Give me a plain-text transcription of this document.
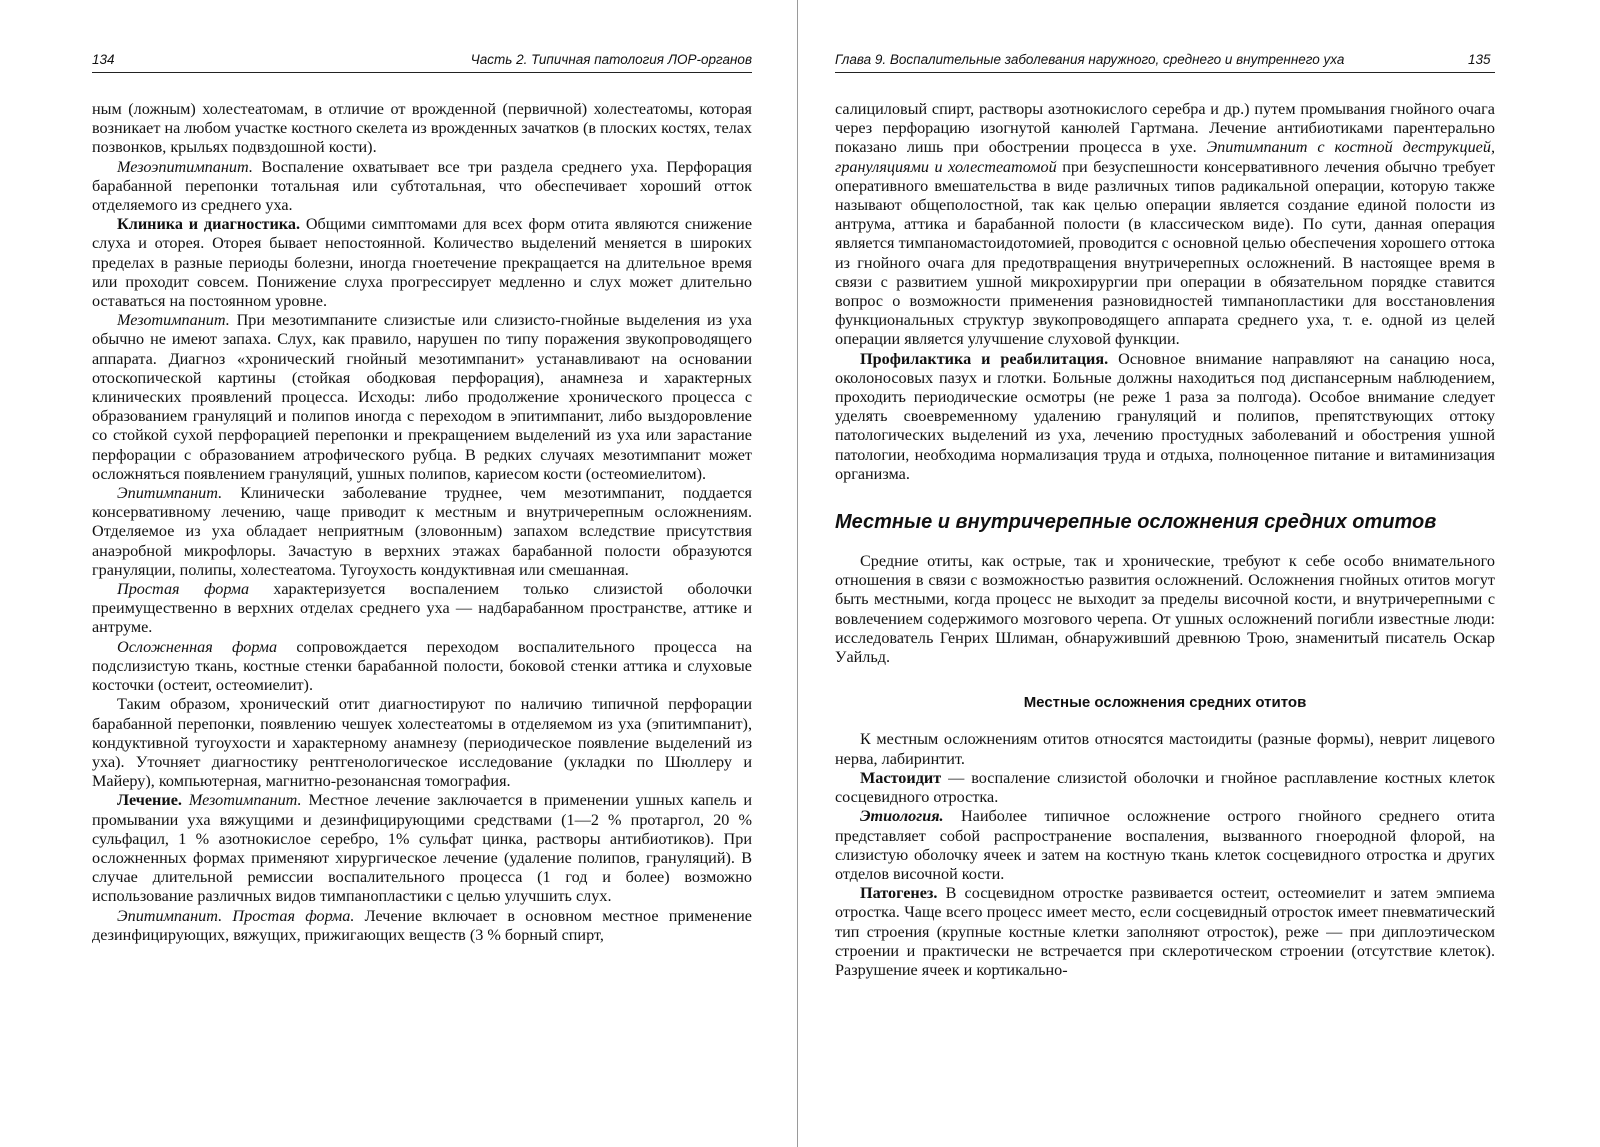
134	Часть 2. Типичная патология ЛОР-органов

ным (ложным) холестеатомам, в отличие от врожденной (первичной) холестеатомы, которая возникает на любом участке костного скелета из врожденных зачатков (в плоских костях, телах позвонков, крыльях подвздошной кости).

Мезоэпитимпанит. Воспаление охватывает все три раздела среднего уха. Перфорация барабанной перепонки тотальная или субтотальная, что обеспечивает хороший отток отделяемого из среднего уха.

Клиника и диагностика. Общими симптомами для всех форм отита являются снижение слуха и оторея. Оторея бывает непостоянной. Количество выделений меняется в широких пределах в разные периоды болезни, иногда гноетечение прекращается на длительное время или проходит совсем. Понижение слуха прогрессирует медленно и слух может длительно оставаться на постоянном уровне.

Мезотимпанит. При мезотимпаните слизистые или слизисто-гнойные выделения из уха обычно не имеют запаха. Слух, как правило, нарушен по типу поражения звукопроводящего аппарата. Диагноз «хронический гнойный мезотимпанит» устанавливают на основании отоскопической картины (стойкая ободковая перфорация), анамнеза и характерных клинических проявлений процесса. Исходы: либо продолжение хронического процесса с образованием грануляций и полипов иногда с переходом в эпитимпанит, либо выздоровление со стойкой сухой перфорацией перепонки и прекращением выделений из уха или зарастание перфорации с образованием атрофического рубца. В редких случаях мезотимпанит может осложняться появлением грануляций, ушных полипов, кариесом кости (остеомиелитом).

Эпитимпанит. Клинически заболевание труднее, чем мезотимпанит, поддается консервативному лечению, чаще приводит к местным и внутричерепным осложнениям. Отделяемое из уха обладает неприятным (зловонным) запахом вследствие присутствия анаэробной микрофлоры. Зачастую в верхних этажах барабанной полости образуются грануляции, полипы, холестеатома. Тугоухость кондуктивная или смешанная.

Простая форма характеризуется воспалением только слизистой оболочки преимущественно в верхних отделах среднего уха — надбарабанном пространстве, аттике и антруме.

Осложненная форма сопровождается переходом воспалительного процесса на подслизистую ткань, костные стенки барабанной полости, боковой стенки аттика и слуховые косточки (остеит, остеомиелит).

Таким образом, хронический отит диагностируют по наличию типичной перфорации барабанной перепонки, появлению чешуек холестеатомы в отделяемом из уха (эпитимпанит), кондуктивной тугоухости и характерному анамнезу (периодическое появление выделений из уха). Уточняет диагностику рентгенологическое исследование (укладки по Шюллеру и Майеру), компьютерная, магнитно-резонансная томография.

Лечение. Мезотимпанит. Местное лечение заключается в применении ушных капель и промывании уха вяжущими и дезинфицирующими средствами (1—2 % протаргол, 20 % сульфацил, 1 % азотнокислое серебро, 1% сульфат цинка, растворы антибиотиков). При осложненных формах применяют хирургическое лечение (удаление полипов, грануляций). В случае длительной ремиссии воспалительного процесса (1 год и более) возможно использование различных видов тимпанопластики с целью улучшить слух.

Эпитимпанит. Простая форма. Лечение включает в основном местное применение дезинфицирующих, вяжущих, прижигающих веществ (3 % борный спирт,

Глава 9. Воспалительные заболевания наружного, среднего и внутреннего уха	135

салициловый спирт, растворы азотнокислого серебра и др.) путем промывания гнойного очага через перфорацию изогнутой канюлей Гартмана. Лечение антибиотиками парентерально показано лишь при обострении процесса в ухе. Эпитимпанит с костной деструкцией, грануляциями и холестеатомой при безуспешности консервативного лечения обычно требует оперативного вмешательства в виде различных типов радикальной операции, которую также называют общеполостной, так как целью операции является создание единой полости из антрума, аттика и барабанной полости (в классическом виде). По сути, данная операция является тимпаномастоидотомией, проводится с основной целью обеспечения хорошего оттока из гнойного очага для предотвращения внутричерепных осложнений. В настоящее время в связи с развитием ушной микрохирургии при операции в обязательном порядке ставится вопрос о возможности применения разновидностей тимпанопластики для восстановления функциональных структур звукопроводящего аппарата среднего уха, т. е. одной из целей операции является улучшение слуховой функции.

Профилактика и реабилитация. Основное внимание направляют на санацию носа, околоносовых пазух и глотки. Больные должны находиться под диспансерным наблюдением, проходить периодические осмотры (не реже 1 раза за полгода). Особое внимание следует уделять своевременному удалению грануляций и полипов, препятствующих оттоку патологических выделений из уха, лечению простудных заболеваний и обострения ушной патологии, необходима нормализация труда и отдыха, полноценное питание и витаминизация организма.

Местные и внутричерепные осложнения средних отитов

Средние отиты, как острые, так и хронические, требуют к себе особо внимательного отношения в связи с возможностью развития осложнений. Осложнения гнойных отитов могут быть местными, когда процесс не выходит за пределы височной кости, и внутричерепными с вовлечением содержимого мозгового черепа. От ушных осложнений погибли известные люди: исследователь Генрих Шлиман, обнаруживший древнюю Трою, знаменитый писатель Оскар Уайльд.

Местные осложнения средних отитов

К местным осложнениям отитов относятся мастоидиты (разные формы), неврит лицевого нерва, лабиринтит.

Мастоидит — воспаление слизистой оболочки и гнойное расплавление костных клеток сосцевидного отростка.

Этиология. Наиболее типичное осложнение острого гнойного среднего отита представляет собой распространение воспаления, вызванного гноеродной флорой, на слизистую оболочку ячеек и затем на костную ткань клеток сосцевидного отростка и других отделов височной кости.

Патогенез. В сосцевидном отростке развивается остеит, остеомиелит и затем эмпиема отростка. Чаще всего процесс имеет место, если сосцевидный отросток имеет пневматический тип строения (крупные костные клетки заполняют отросток), реже — при диплоэтическом строении и практически не встречается при склеротическом строении (отсутствие клеток). Разрушение ячеек и кортикально-
